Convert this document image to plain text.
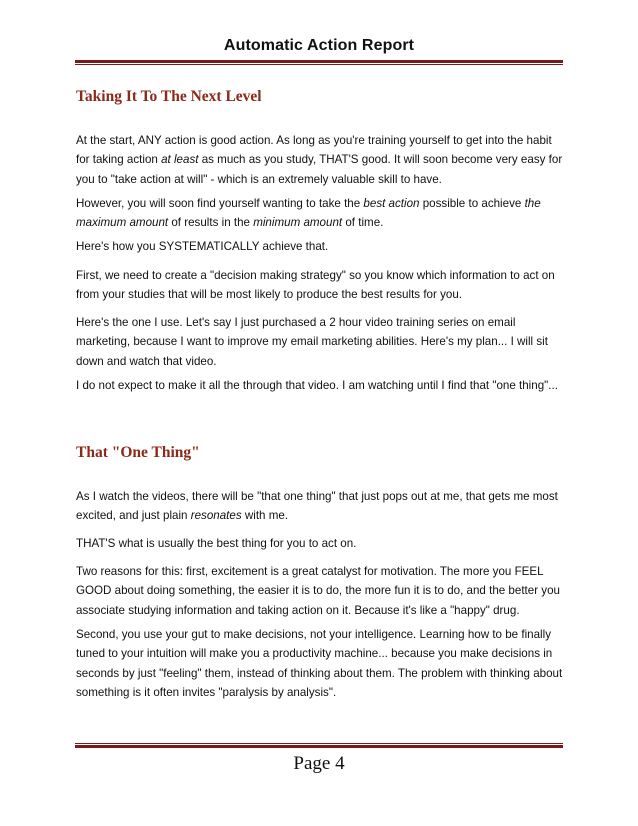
Automatic Action Report
Taking It To The Next Level
At the start, ANY action is good action. As long as you're training yourself to get into the habit for taking action at least as much as you study, THAT'S good. It will soon become very easy for you to "take action at will" - which is an extremely valuable skill to have.
However, you will soon find yourself wanting to take the best action possible to achieve the maximum amount of results in the minimum amount of time.
Here's how you SYSTEMATICALLY achieve that.
First, we need to create a "decision making strategy" so you know which information to act on from your studies that will be most likely to produce the best results for you.
Here's the one I use. Let's say I just purchased a 2 hour video training series on email marketing, because I want to improve my email marketing abilities. Here's my plan... I will sit down and watch that video.
I do not expect to make it all the through that video. I am watching until I find that "one thing"...
That "One Thing"
As I watch the videos, there will be "that one thing" that just pops out at me, that gets me most excited, and just plain resonates with me.
THAT'S what is usually the best thing for you to act on.
Two reasons for this: first, excitement is a great catalyst for motivation. The more you FEEL GOOD about doing something, the easier it is to do, the more fun it is to do, and the better you associate studying information and taking action on it. Because it's like a "happy" drug.
Second, you use your gut to make decisions, not your intelligence. Learning how to be finally tuned to your intuition will make you a productivity machine... because you make decisions in seconds by just "feeling" them, instead of thinking about them. The problem with thinking about something is it often invites "paralysis by analysis".
Page 4
